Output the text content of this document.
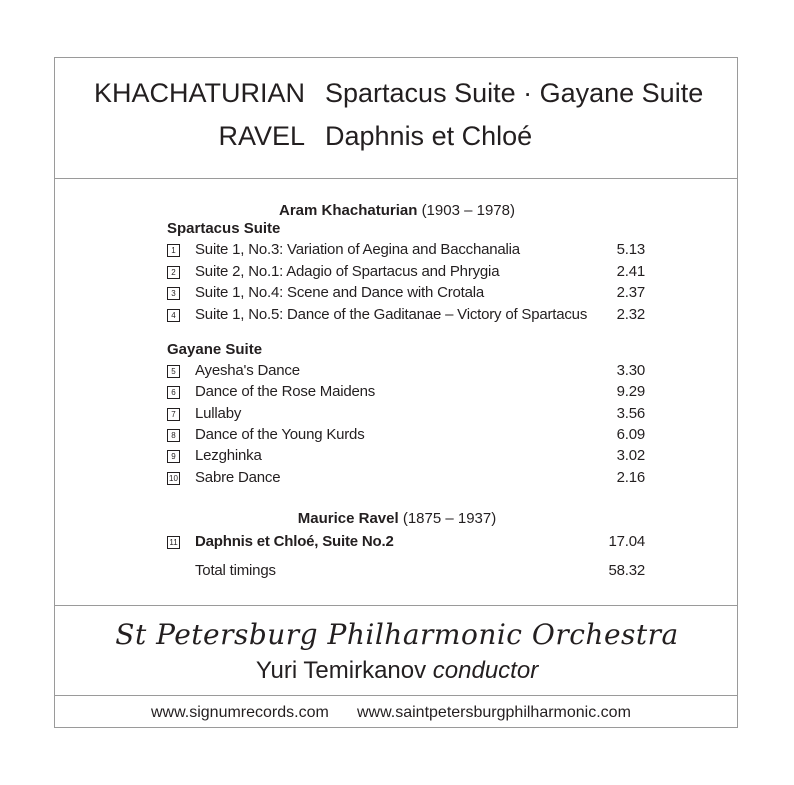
KHACHATURIAN Spartacus Suite · Gayane Suite
RAVEL Daphnis et Chloé
Aram Khachaturian (1903 – 1978)
Spartacus Suite
1 Suite 1, No.3: Variation of Aegina and Bacchanalia	5.13
2 Suite 2, No.1: Adagio of Spartacus and Phrygia	2.41
3 Suite 1, No.4: Scene and Dance with Crotala	2.37
4 Suite 1, No.5: Dance of the Gaditanae – Victory of Spartacus 2.32
Gayane Suite
5 Ayesha's Dance	3.30
6 Dance of the Rose Maidens	9.29
7 Lullaby	3.56
8 Dance of the Young Kurds	6.09
9 Lezghinka	3.02
10 Sabre Dance	2.16
Maurice Ravel (1875 – 1937)
11 Daphnis et Chloé, Suite No.2	17.04
Total timings	58.32
St Petersburg Philharmonic Orchestra
Yuri Temirkanov conductor
www.signumrecords.com www.saintpetersburgphilharmonic.com
